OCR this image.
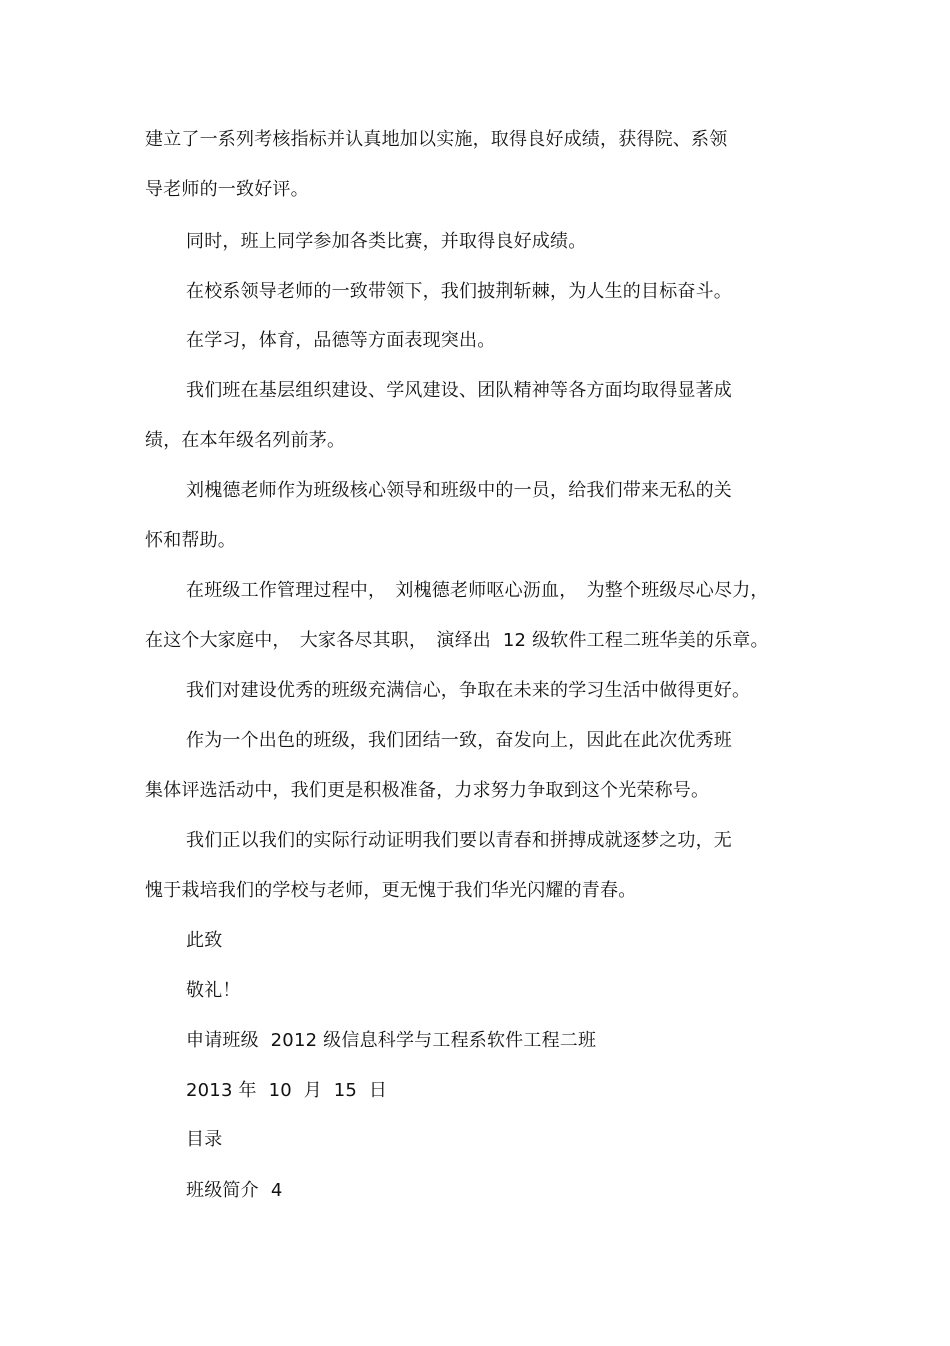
建立了一系列考核指标并认真地加以实施，取得良好成绩，获得院、系领
导老师的一致好评。
同时，班上同学参加各类比赛，并取得良好成绩。
在校系领导老师的一致带领下，我们披荆斩棘，为人生的目标奋斗。
在学习，体育，品德等方面表现突出。
我们班在基层组织建设、学风建设、团队精神等各方面均取得显著成
绩，在本年级名列前茅。
刘槐德老师作为班级核心领导和班级中的一员，给我们带来无私的关
怀和帮助。
在班级工作管理过程中，　刘槐德老师呕心沥血，　为整个班级尽心尽力，
在这个大家庭中，　大家各尽其职，　演绎出  12 级软件工程二班华美的乐章。
我们对建设优秀的班级充满信心，争取在未来的学习生活中做得更好。
作为一个出色的班级，我们团结一致，奋发向上，因此在此次优秀班
集体评选活动中，我们更是积极准备，力求努力争取到这个光荣称号。
我们正以我们的实际行动证明我们要以青春和拼搏成就逐梦之功，无
愧于栽培我们的学校与老师，更无愧于我们华光闪耀的青春。
此致
敬礼！
申请班级  2012 级信息科学与工程系软件工程二班
2013 年  10  月  15  日
目录
班级简介 4
